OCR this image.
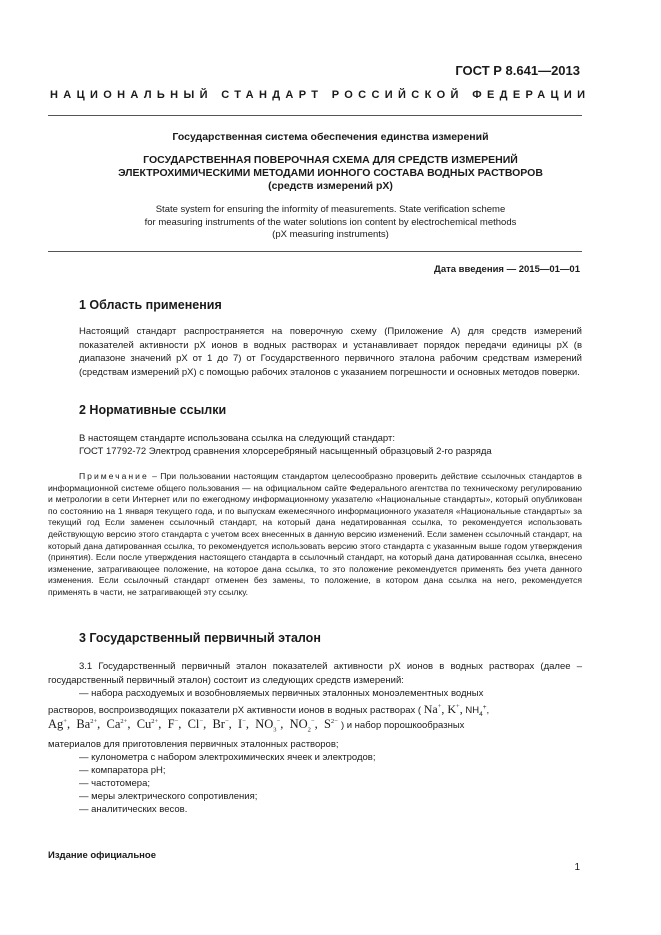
ГОСТ Р 8.641—2013
НАЦИОНАЛЬНЫЙ СТАНДАРТ РОССИЙСКОЙ ФЕДЕРАЦИИ
Государственная система обеспечения единства измерений
ГОСУДАРСТВЕННАЯ ПОВЕРОЧНАЯ СХЕМА ДЛЯ СРЕДСТВ ИЗМЕРЕНИЙ
ЭЛЕКТРОХИМИЧЕСКИМИ МЕТОДАМИ ИОННОГО СОСТАВА ВОДНЫХ РАСТВОРОВ
(средств измерений pX)
State system for ensuring the informity of measurements. State verification scheme
for measuring instruments of the water solutions ion content by electrochemical methods
(pX measuring instruments)
Дата введения — 2015—01—01
1 Область применения
Настоящий стандарт распространяется на поверочную схему (Приложение А) для средств измерений показателей активности pX ионов в водных растворах и устанавливает порядок передачи единицы pX (в диапазоне значений pX от 1 до 7) от Государственного первичного эталона рабочим средствам измерений (средствам измерений pX) с помощью рабочих эталонов с указанием погрешности и основных методов поверки.
2 Нормативные ссылки
В настоящем стандарте использована ссылка на следующий стандарт:
ГОСТ 17792-72 Электрод сравнения хлорсеребряный насыщенный образцовый 2-го разряда
Примечание – При пользовании настоящим стандартом целесообразно проверить действие ссылочных стандартов в информационной системе общего пользования — на официальном сайте Федерального агентства по техническому регулированию и метрологии в сети Интернет или по ежегодному информационному указателю «Национальные стандарты», который опубликован по состоянию на 1 января текущего года, и по выпускам ежемесячного информационного указателя «Национальные стандарты» за текущий год Если заменен ссылочный стандарт, на который дана недатированная ссылка, то рекомендуется использовать действующую версию этого стандарта с учетом всех внесенных в данную версию изменений. Если заменен ссылочный стандарт, на который дана датированная ссылка, то рекомендуется использовать версию этого стандарта с указанным выше годом утверждения (принятия). Если после утверждения настоящего стандарта в ссылочный стандарт, на который дана датированная ссылка, внесено изменение, затрагивающее положение, на которое дана ссылка, то это положение рекомендуется применять без учета данного изменения. Если ссылочный стандарт отменен без замены, то положение, в котором дана ссылка на него, рекомендуется применять в части, не затрагивающей эту ссылку.
3 Государственный первичный эталон
3.1 Государственный первичный эталон показателей активности pX ионов в водных растворах (далее – государственный первичный эталон) состоит из следующих средств измерений:
— набора расходуемых и возобновляемых первичных эталонных моноэлементных водных
растворов, воспроизводящих показатели pX активности ионов в водных растворах ( Na+, K+, $NH_4^+$,
Ag+,  $Ba^{2+}$,  $Ca^{2+}$,  $Cu^{2+}$,  F−,  Cl−,  Br−,  I−,  $NO_3^-$,  $NO_2^-$,  $S^{2-}$ ) и набор порошкообразных
материалов для приготовления первичных эталонных растворов;
— кулонометра с набором электрохимических ячеек и электродов;
— компаратора pH;
— частотомера;
— меры электрического сопротивления;
— аналитических весов.
Издание официальное
1
